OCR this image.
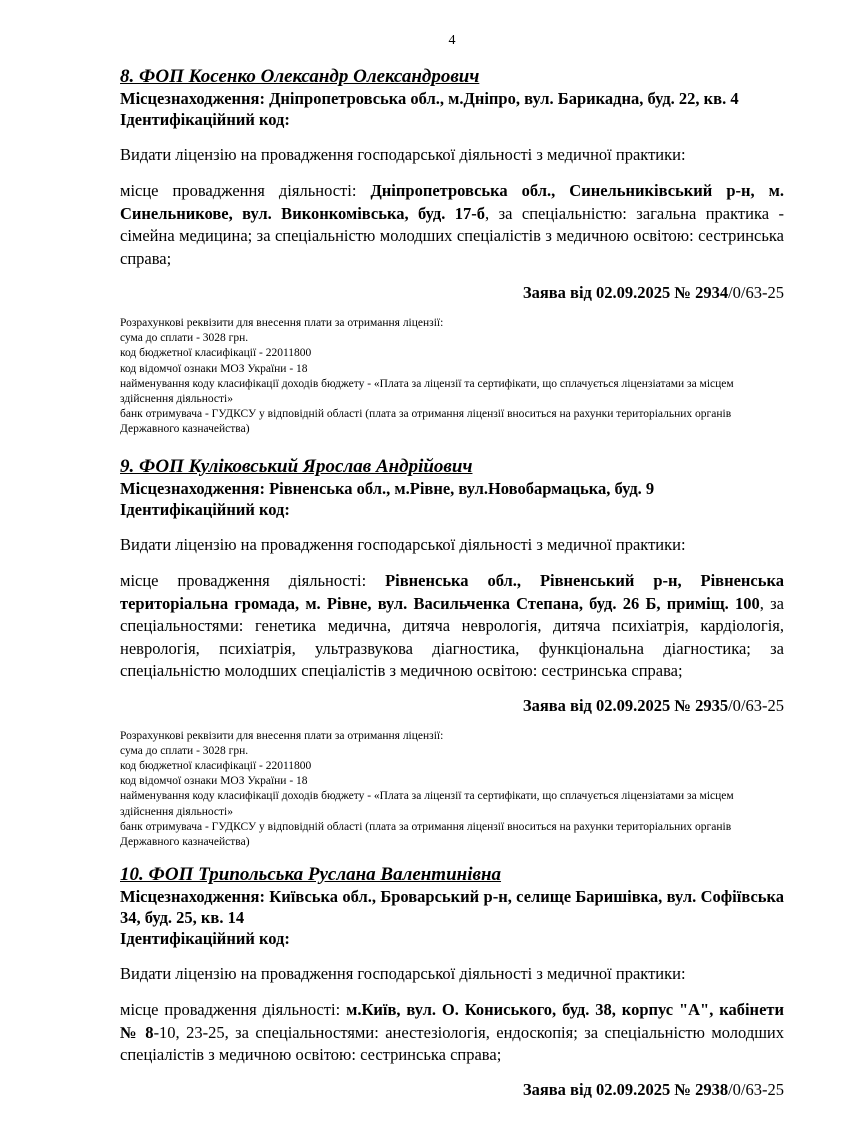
4

8. ФОП Косенко Олександр Олександрович

Місцезнаходження: Дніпропетровська обл., м.Дніпро, вул. Барикадна, буд. 22, кв. 4

Ідентифікаційний код:

Видати ліцензію на провадження господарської діяльності з медичної практики:

місце провадження діяльності: Дніпропетровська обл., Синельниківський р-н, м. Синельникове, вул. Виконкомівська, буд. 17-б, за спеціальністю: загальна практика - сімейна медицина; за спеціальністю молодших спеціалістів з медичною освітою: сестринська справа;

Заява від 02.09.2025 № 2934/0/63-25

Розрахункові реквізити для внесення плати за отримання ліцензії:
сума до сплати - 3028 грн.
код бюджетної класифікації - 22011800
код відомчої ознаки МОЗ України - 18
найменування коду класифікації доходів бюджету - «Плата за ліцензії та сертифікати, що сплачується ліцензіатами за місцем здійснення діяльності»
банк отримувача - ГУДКСУ у відповідній області (плата за отримання ліцензії вноситься на рахунки територіальних органів Державного казначейства)

9. ФОП Куліковський Ярослав Андрійович

Місцезнаходження: Рівненська обл., м.Рівне, вул.Новобармацька, буд. 9

Ідентифікаційний код:

Видати ліцензію на провадження господарської діяльності з медичної практики:

місце провадження діяльності: Рівненська обл., Рівненський р-н, Рівненська територіальна громада, м. Рівне, вул. Васильченка Степана, буд. 26 Б, приміщ. 100, за спеціальностями: генетика медична, дитяча неврологія, дитяча психіатрія, кардіологія, неврологія, психіатрія, ультразвукова діагностика, функціональна діагностика; за спеціальністю молодших спеціалістів з медичною освітою: сестринська справа;

Заява від 02.09.2025 № 2935/0/63-25

Розрахункові реквізити для внесення плати за отримання ліцензії:
сума до сплати - 3028 грн.
код бюджетної класифікації - 22011800
код відомчої ознаки МОЗ України - 18
найменування коду класифікації доходів бюджету - «Плата за ліцензії та сертифікати, що сплачується ліцензіатами за місцем здійснення діяльності»
банк отримувача - ГУДКСУ у відповідній області (плата за отримання ліцензії вноситься на рахунки територіальних органів Державного казначейства)

10. ФОП Трипольська Руслана Валентинівна

Місцезнаходження: Київська обл., Броварський р-н, селище Баришівка, вул. Софіївська 34, буд. 25, кв. 14

Ідентифікаційний код:

Видати ліцензію на провадження господарської діяльності з медичної практики:

місце провадження діяльності: м.Київ, вул. О. Кониського, буд. 38, корпус "А", кабінети № 8-10, 23-25, за спеціальностями: анестезіологія, ендоскопія; за спеціальністю молодших спеціалістів з медичною освітою: сестринська справа;

Заява від 02.09.2025 № 2938/0/63-25
